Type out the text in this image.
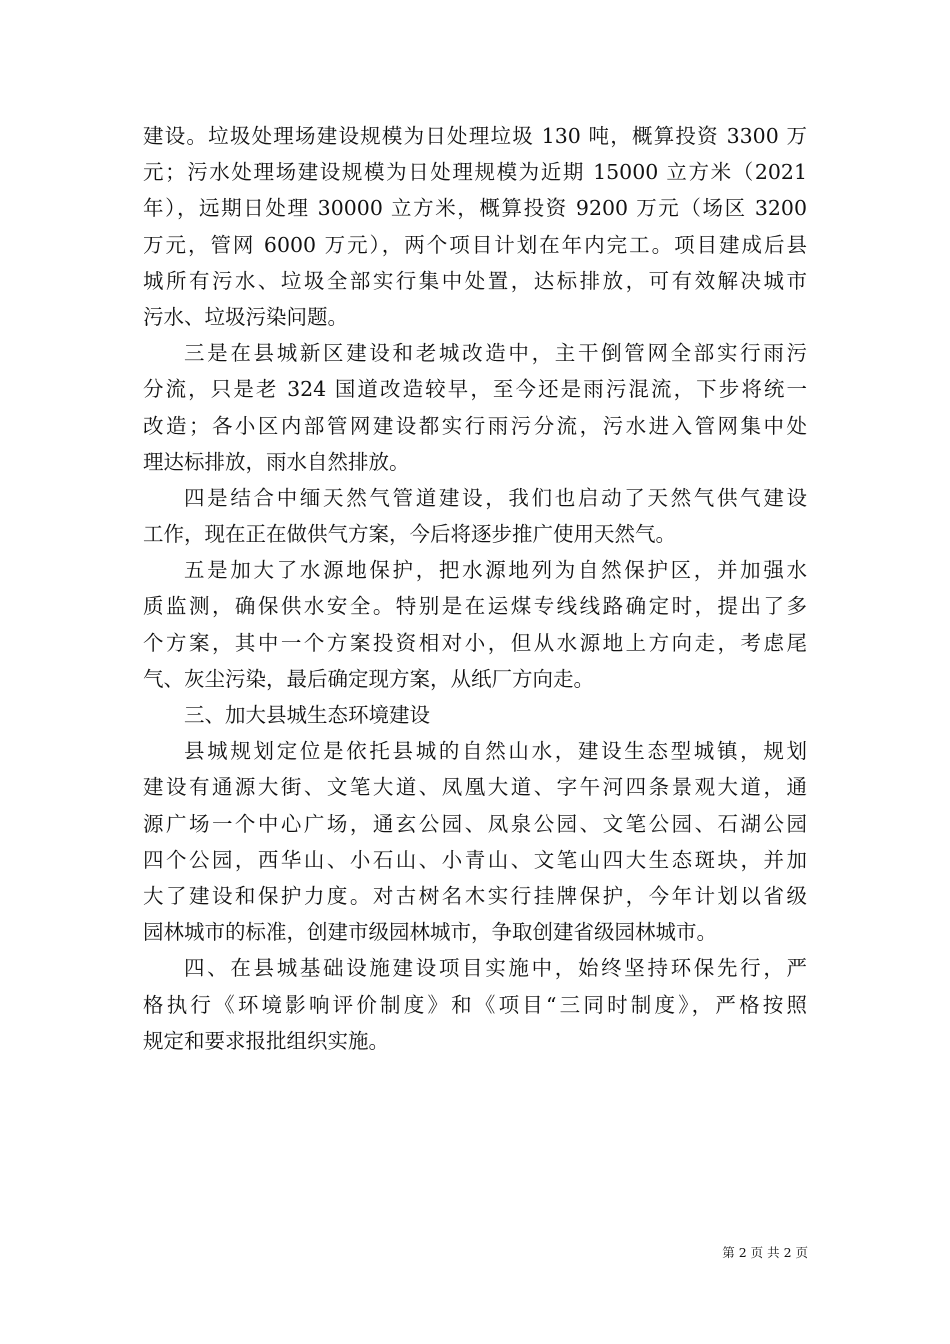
建设。垃圾处理场建设规模为日处理垃圾 130 吨，概算投资 3300 万
元；污水处理场建设规模为日处理规模为近期 15000 立方米（2021
年），远期日处理 30000 立方米，概算投资 9200 万元（场区 3200
万元，管网 6000 万元），两个项目计划在年内完工。项目建成后县
城所有污水、垃圾全部实行集中处置，达标排放，可有效解决城市
污水、垃圾污染问题。
三是在县城新区建设和老城改造中，主干倒管网全部实行雨污
分流，只是老 324 国道改造较早，至今还是雨污混流，下步将统一
改造；各小区内部管网建设都实行雨污分流，污水进入管网集中处
理达标排放，雨水自然排放。
四是结合中缅天然气管道建设，我们也启动了天然气供气建设
工作，现在正在做供气方案，今后将逐步推广使用天然气。
五是加大了水源地保护，把水源地列为自然保护区，并加强水
质监测，确保供水安全。特别是在运煤专线线路确定时，提出了多
个方案，其中一个方案投资相对小，但从水源地上方向走，考虑尾
气、灰尘污染，最后确定现方案，从纸厂方向走。
三、加大县城生态环境建设
县城规划定位是依托县城的自然山水，建设生态型城镇，规划
建设有通源大街、文笔大道、凤凰大道、字午河四条景观大道，通
源广场一个中心广场，通玄公园、凤泉公园、文笔公园、石湖公园
四个公园，西华山、小石山、小青山、文笔山四大生态斑块，并加
大了建设和保护力度。对古树名木实行挂牌保护，今年计划以省级
园林城市的标准，创建市级园林城市，争取创建省级园林城市。
四、在县城基础设施建设项目实施中，始终坚持环保先行，严
格执行《环境影响评价制度》和《项目“三同时制度》，严格按照
规定和要求报批组织实施。
第 2 页 共 2 页
